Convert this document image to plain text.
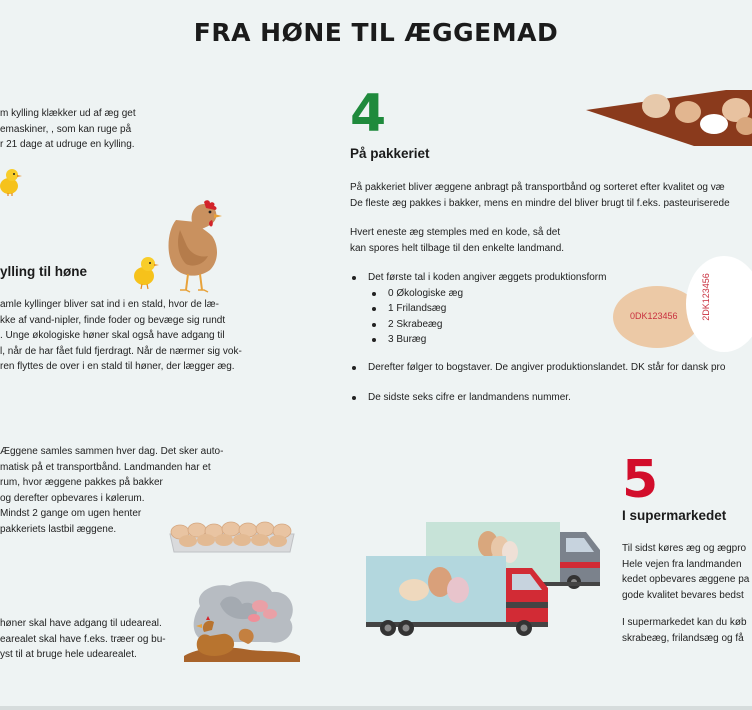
FRA HØNE TIL ÆGGEMAD
m kylling klækker ud af æg get
emaskiner, , som kan ruge på
r 21 dage at udruge en kylling.
ylling til høne
amle kyllinger bliver sat ind i en stald, hvor de læ-
kke af vand-nipler, finde foder og bevæge sig rundt
. Unge økologiske høner skal også have adgang til
l, når de har fået fuld fjerdragt. Når de nærmer sig vok-
ren flyttes de over i en stald til høner, der lægger æg.
Æggene samles sammen hver dag. Det sker auto-
matisk på et transportbånd. Landmanden har et
rum, hvor æggene pakkes på bakker
og derefter opbevares i kølerum.
Mindst 2 gange om ugen henter
pakkeriets lastbil æggene.
høner skal have adgang til udeareal.
earealet skal have f.eks. træer og bu-
yst til at bruge hele udearealet.
4
På pakkeriet
På pakkeriet bliver æggene anbragt på transportbånd og sorteret efter kvalitet og væ
De fleste æg pakkes i bakker, mens en mindre del bliver brugt til f.eks. pasteuriserede
Hvert eneste æg stemples med en kode, så det
kan spores helt tilbage til den enkelte landmand.
Det første tal i koden angiver æggets produktionsform
0 Økologiske æg
1 Frilandsæg
2 Skrabeæg
3 Buræg
Derefter følger to bogstaver. De angiver produktionslandet. DK står for dansk pro
De sidste seks cifre er landmandens nummer.
0DK123456	2DK123456
5
I supermarkedet
Til sidst køres æg og ægpro
Hele vejen fra landmanden
kedet opbevares æggene pa
gode kvalitet bevares bedst
I supermarkedet kan du køb
skrabeæg, frilandsæg og få
